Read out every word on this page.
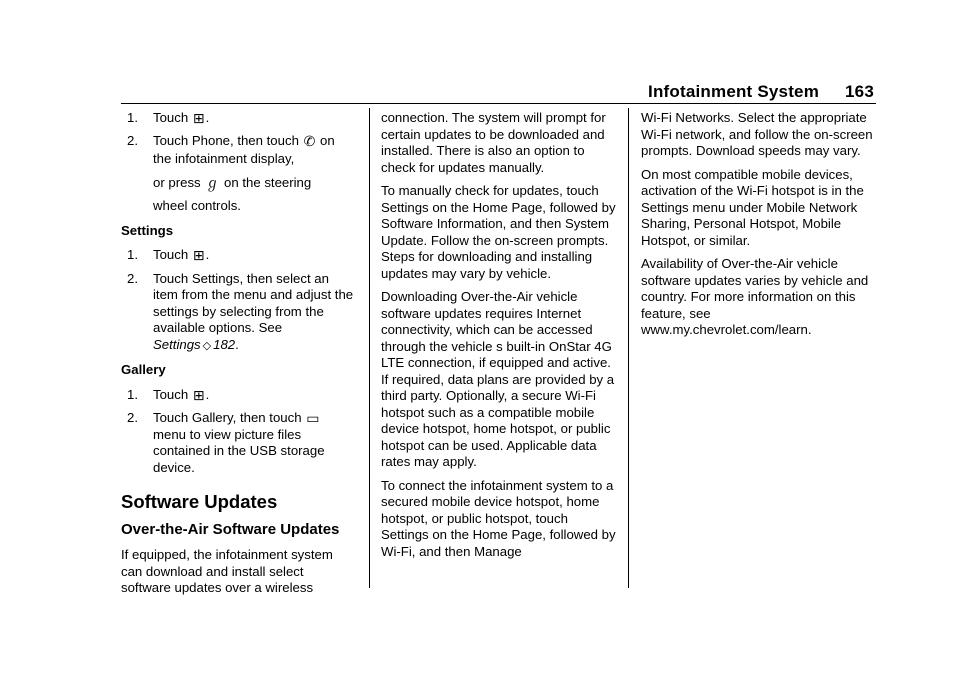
Infotainment System 163
1. Touch ⊞.
2. Touch Phone, then touch ✆ on
the infotainment display,
or press ℊ on the steering
wheel controls.
Settings
1. Touch ⊞.
2. Touch Settings, then select an item from the menu and adjust the settings by selecting from the available options. See Settings ◇ 182.
Gallery
1. Touch ⊞.
2. Touch Gallery, then touch ▭ menu to view picture files contained in the USB storage device.
Software Updates
Over-the-Air Software Updates

If equipped, the infotainment system can download and install select software updates over a wireless

connection. The system will prompt for certain updates to be downloaded and installed. There is also an option to check for updates manually.

To manually check for updates, touch Settings on the Home Page, followed by Software Information, and then System Update. Follow the on-screen prompts. Steps for downloading and installing updates may vary by vehicle.

Downloading Over-the-Air vehicle software updates requires Internet connectivity, which can be accessed through the vehicle s built-in OnStar 4G LTE connection, if equipped and active. If required, data plans are provided by a third party. Optionally, a secure Wi-Fi hotspot such as a compatible mobile device hotspot, home hotspot, or public hotspot can be used. Applicable data rates may apply.

To connect the infotainment system to a secured mobile device hotspot, home hotspot, or public hotspot, touch Settings on the Home Page, followed by Wi-Fi, and then Manage

Wi-Fi Networks. Select the appropriate Wi-Fi network, and follow the on-screen prompts. Download speeds may vary.

On most compatible mobile devices, activation of the Wi-Fi hotspot is in the Settings menu under Mobile Network Sharing, Personal Hotspot, Mobile Hotspot, or similar.

Availability of Over-the-Air vehicle software updates varies by vehicle and country. For more information on this feature, see www.my.chevrolet.com/learn.
